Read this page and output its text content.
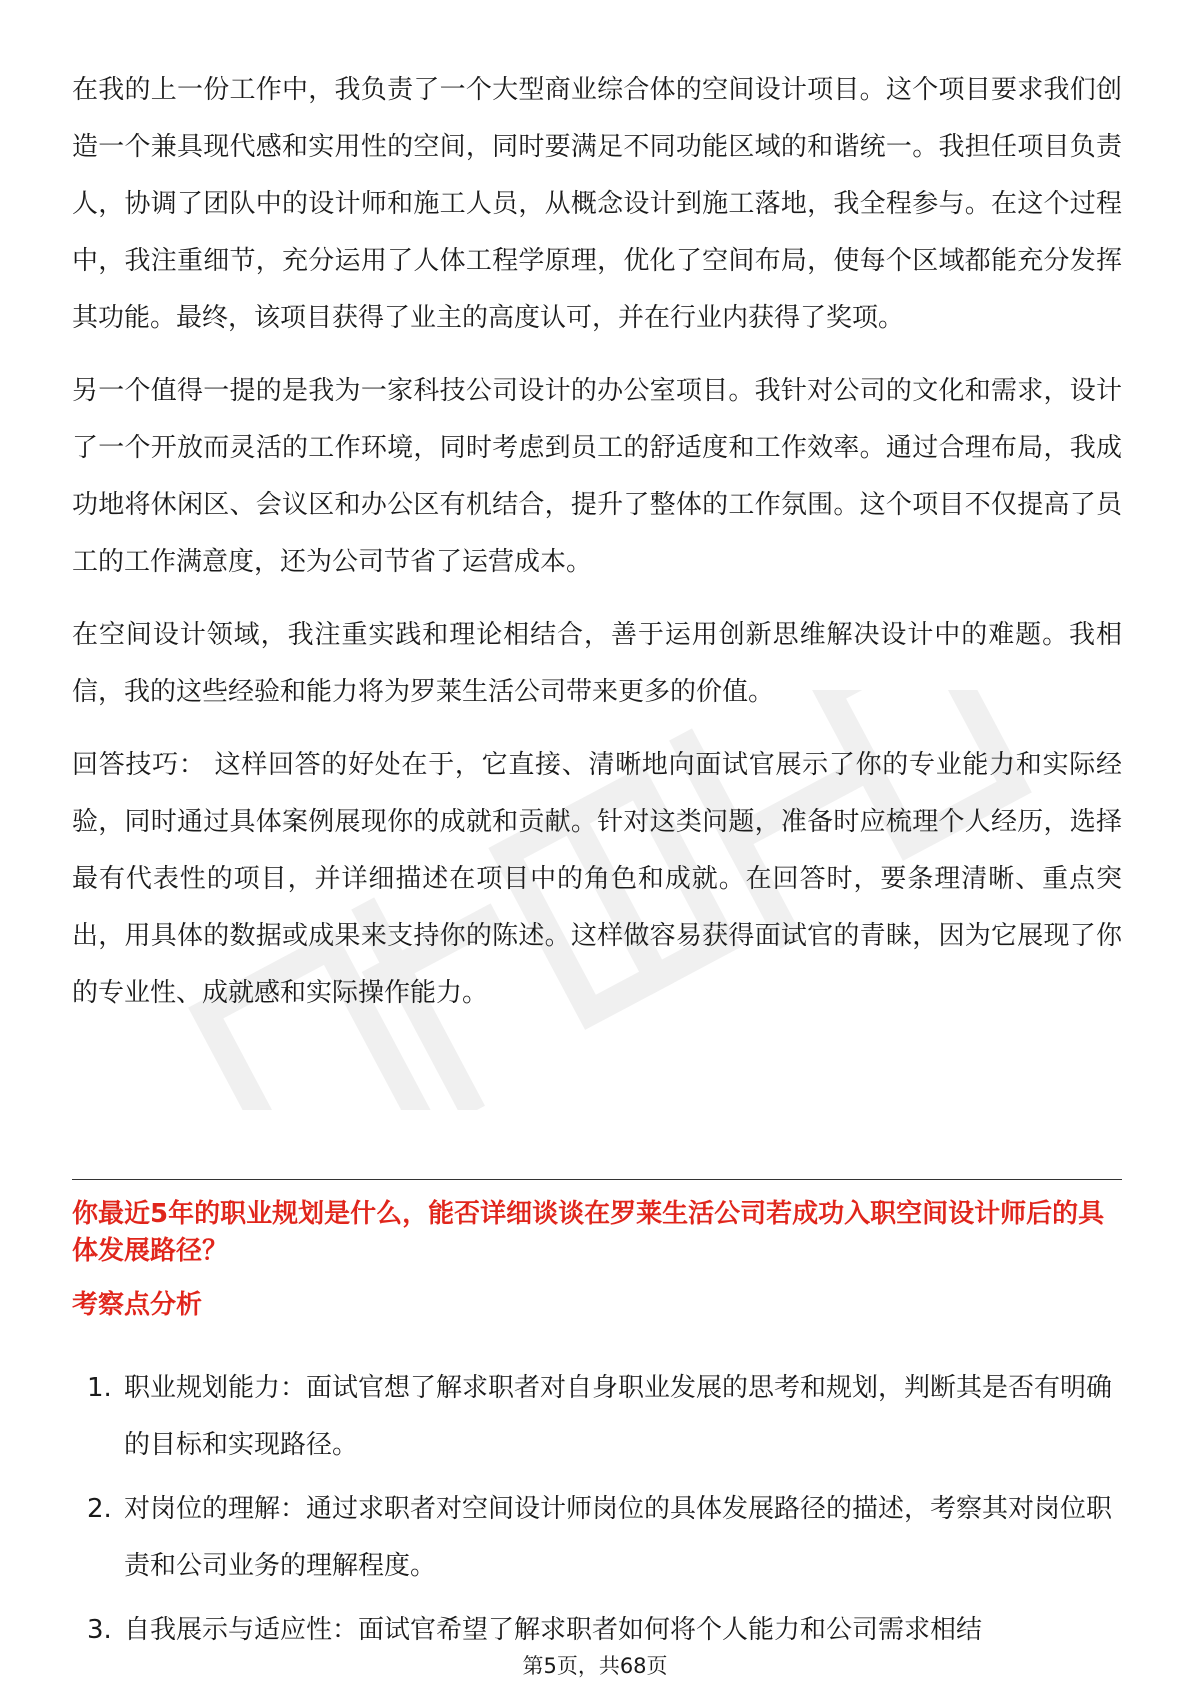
在我的上一份工作中，我负责了一个大型商业综合体的空间设计项目。这个项目要求我们创造一个兼具现代感和实用性的空间，同时要满足不同功能区域的和谐统一。我担任项目负责人，协调了团队中的设计师和施工人员，从概念设计到施工落地，我全程参与。在这个过程中，我注重细节，充分运用了人体工程学原理，优化了空间布局，使每个区域都能充分发挥其功能。最终，该项目获得了业主的高度认可，并在行业内获得了奖项。

另一个值得一提的是我为一家科技公司设计的办公室项目。我针对公司的文化和需求，设计了一个开放而灵活的工作环境，同时考虑到员工的舒适度和工作效率。通过合理布局，我成功地将休闲区、会议区和办公区有机结合，提升了整体的工作氛围。这个项目不仅提高了员工的工作满意度，还为公司节省了运营成本。

在空间设计领域，我注重实践和理论相结合，善于运用创新思维解决设计中的难题。我相信，我的这些经验和能力将为罗莱生活公司带来更多的价值。

回答技巧： 这样回答的好处在于，它直接、清晰地向面试官展示了你的专业能力和实际经验，同时通过具体案例展现你的成就和贡献。针对这类问题，准备时应梳理个人经历，选择最有代表性的项目，并详细描述在项目中的角色和成就。在回答时，要条理清晰、重点突出，用具体的数据或成果来支持你的陈述。这样做容易获得面试官的青睐，因为它展现了你的专业性、成就感和实际操作能力。

你最近5年的职业规划是什么，能否详细谈谈在罗莱生活公司若成功入职空间设计师后的具体发展路径？
考察点分析
1. 职业规划能力：面试官想了解求职者对自身职业发展的思考和规划，判断其是否有明确的目标和实现路径。
2. 对岗位的理解：通过求职者对空间设计师岗位的具体发展路径的描述，考察其对岗位职责和公司业务的理解程度。
3. 自我展示与适应性：面试官希望了解求职者如何将个人能力和公司需求相结
第5页，共68页
